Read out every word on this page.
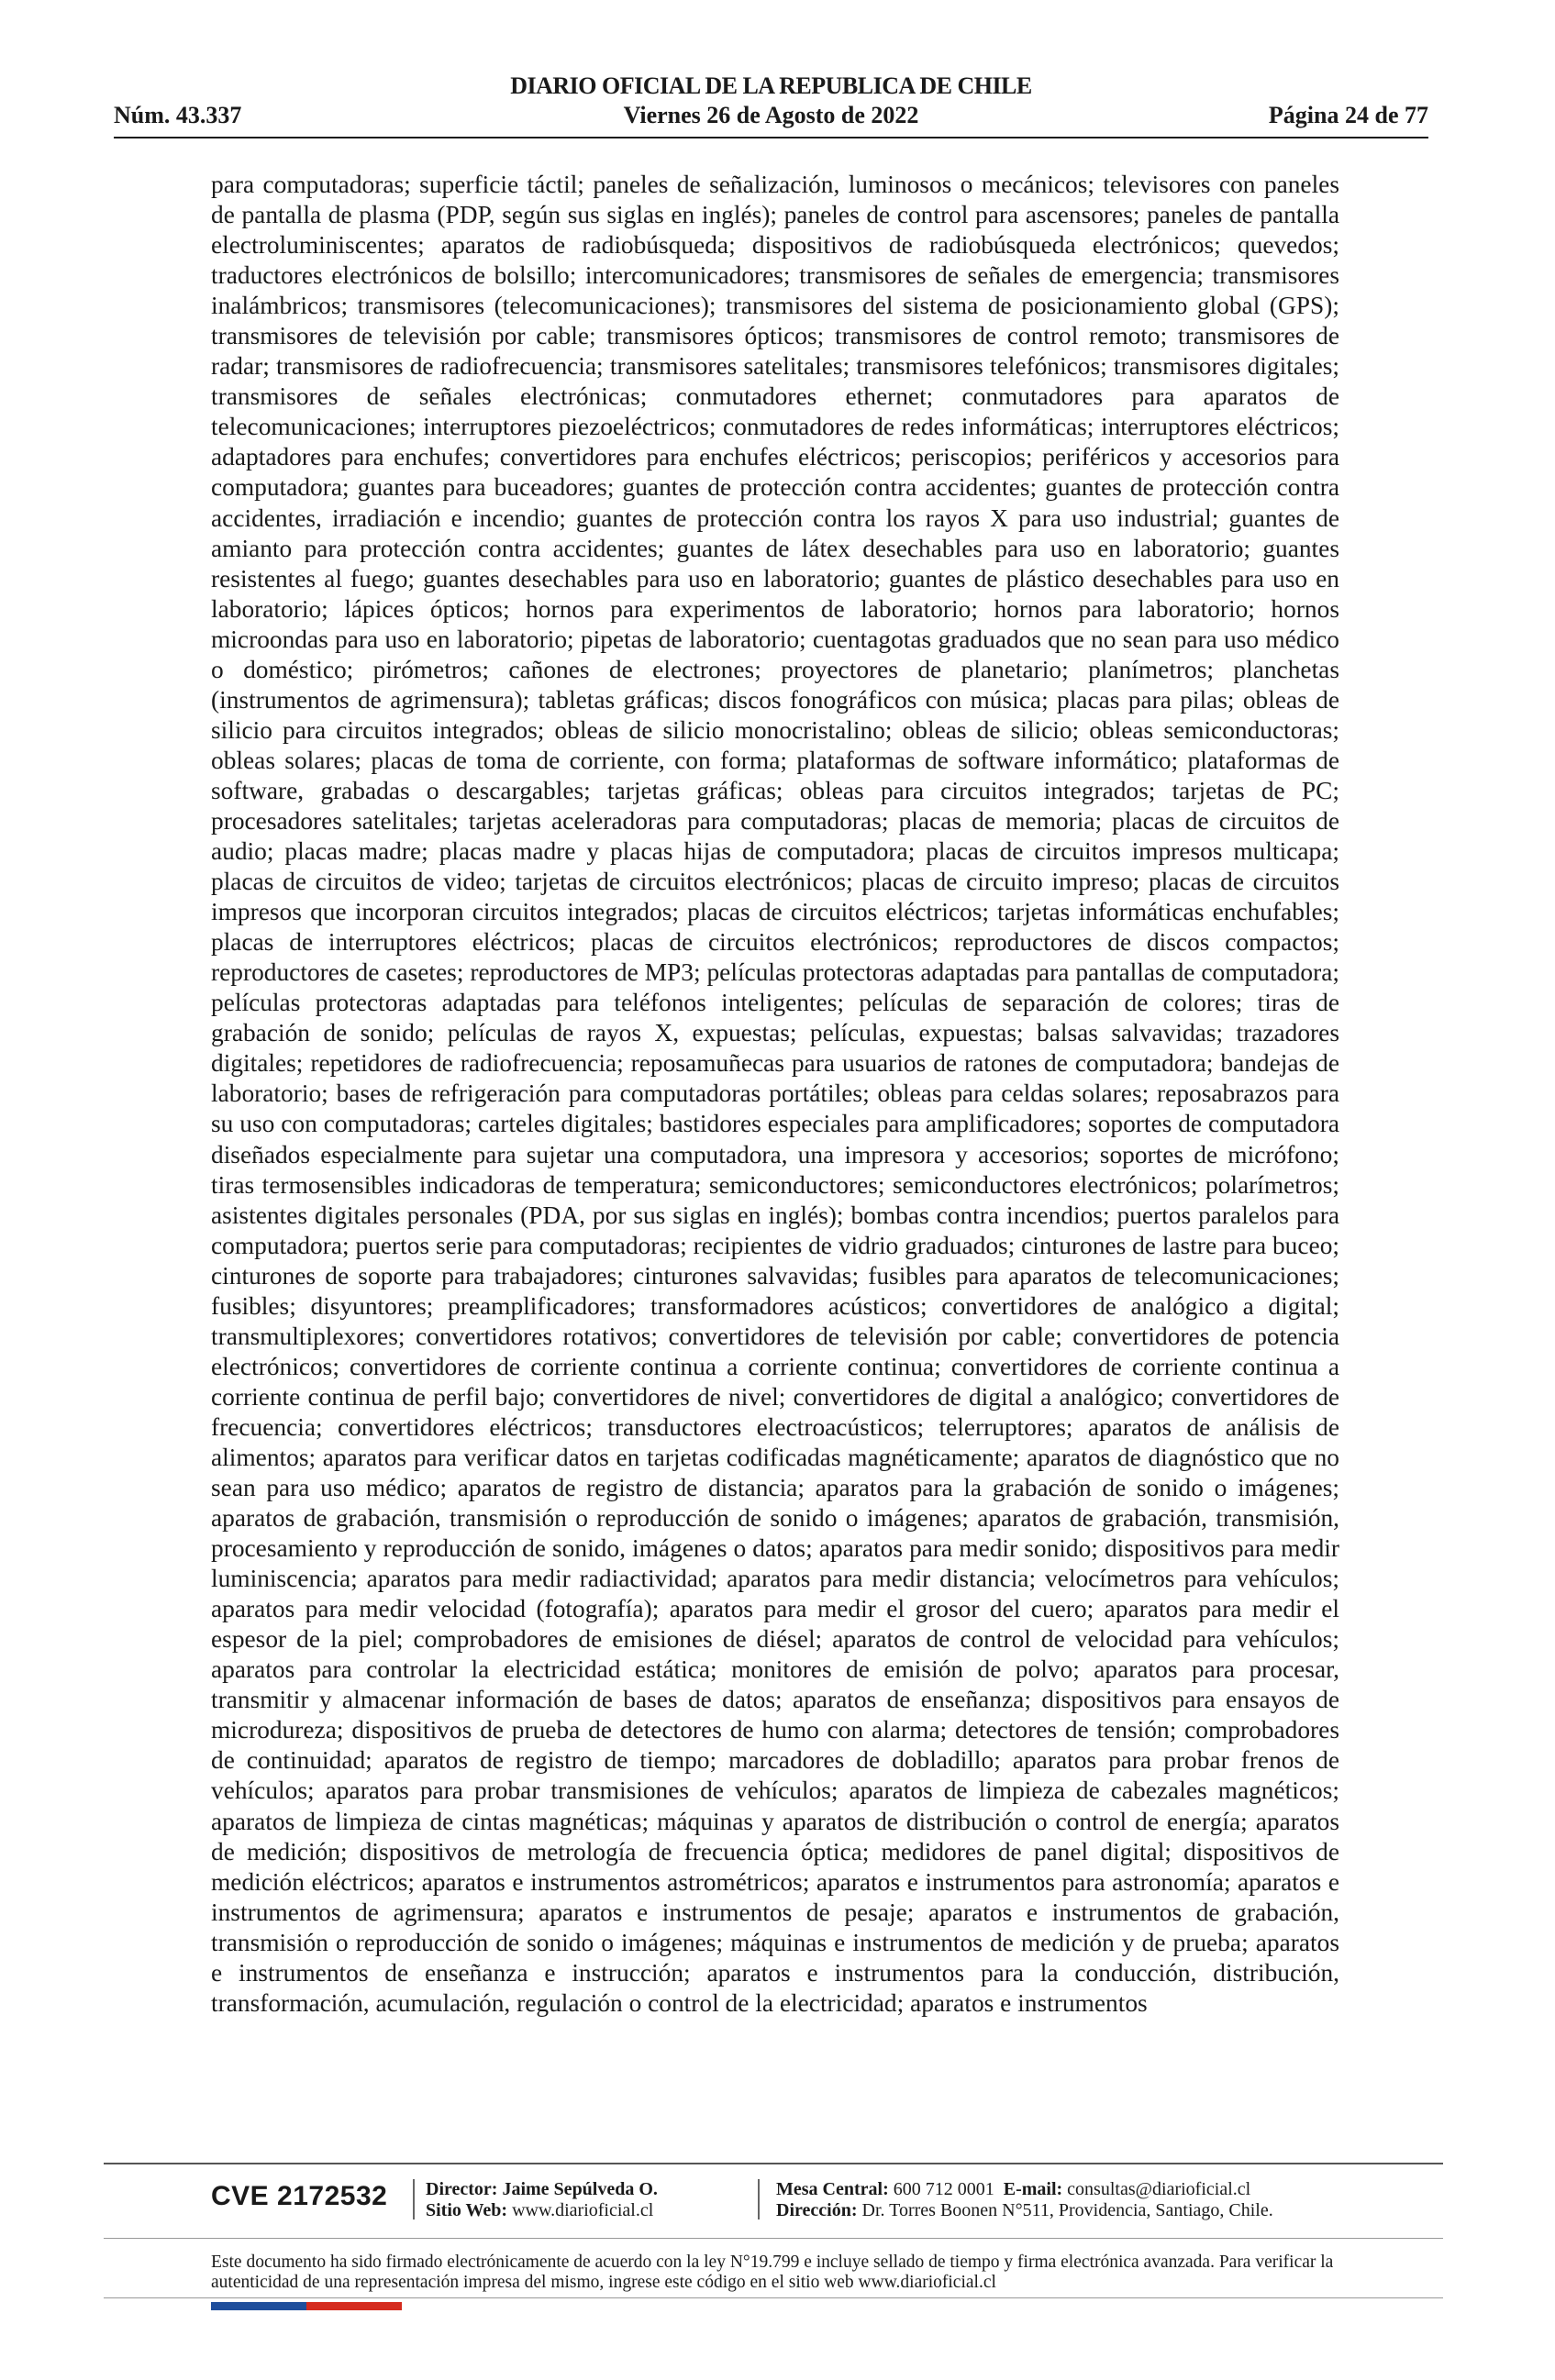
DIARIO OFICIAL DE LA REPUBLICA DE CHILE
Núm. 43.337	Viernes 26 de Agosto de 2022	Página 24 de 77

para computadoras; superficie táctil; paneles de señalización, luminosos o mecánicos; televisores con paneles de pantalla de plasma (PDP, según sus siglas en inglés); paneles de control para ascensores; paneles de pantalla electroluminiscentes; aparatos de radiobúsqueda; dispositivos de radiobúsqueda electrónicos; quevedos; traductores electrónicos de bolsillo; intercomunicadores; transmisores de señales de emergencia; transmisores inalámbricos; transmisores (telecomunicaciones); transmisores del sistema de posicionamiento global (GPS); transmisores de televisión por cable; transmisores ópticos; transmisores de control remoto; transmisores de radar; transmisores de radiofrecuencia; transmisores satelitales; transmisores telefónicos; transmisores digitales; transmisores de señales electrónicas; conmutadores ethernet; conmutadores para aparatos de telecomunicaciones; interruptores piezoeléctricos; conmutadores de redes informáticas; interruptores eléctricos; adaptadores para enchufes; convertidores para enchufes eléctricos; periscopios; periféricos y accesorios para computadora; guantes para buceadores; guantes de protección contra accidentes; guantes de protección contra accidentes, irradiación e incendio; guantes de protección contra los rayos X para uso industrial; guantes de amianto para protección contra accidentes; guantes de látex desechables para uso en laboratorio; guantes resistentes al fuego; guantes desechables para uso en laboratorio; guantes de plástico desechables para uso en laboratorio; lápices ópticos; hornos para experimentos de laboratorio; hornos para laboratorio; hornos microondas para uso en laboratorio; pipetas de laboratorio; cuentagotas graduados que no sean para uso médico o doméstico; pirómetros; cañones de electrones; proyectores de planetario; planímetros; planchetas (instrumentos de agrimensura); tabletas gráficas; discos fonográficos con música; placas para pilas; obleas de silicio para circuitos integrados; obleas de silicio monocristalino; obleas de silicio; obleas semiconductoras; obleas solares; placas de toma de corriente, con forma; plataformas de software informático; plataformas de software, grabadas o descargables; tarjetas gráficas; obleas para circuitos integrados; tarjetas de PC; procesadores satelitales; tarjetas aceleradoras para computadoras; placas de memoria; placas de circuitos de audio; placas madre; placas madre y placas hijas de computadora; placas de circuitos impresos multicapa; placas de circuitos de video; tarjetas de circuitos electrónicos; placas de circuito impreso; placas de circuitos impresos que incorporan circuitos integrados; placas de circuitos eléctricos; tarjetas informáticas enchufables; placas de interruptores eléctricos; placas de circuitos electrónicos; reproductores de discos compactos; reproductores de casetes; reproductores de MP3; películas protectoras adaptadas para pantallas de computadora; películas protectoras adaptadas para teléfonos inteligentes; películas de separación de colores; tiras de grabación de sonido; películas de rayos X, expuestas; películas, expuestas; balsas salvavidas; trazadores digitales; repetidores de radiofrecuencia; reposamuñecas para usuarios de ratones de computadora; bandejas de laboratorio; bases de refrigeración para computadoras portátiles; obleas para celdas solares; reposabrazos para su uso con computadoras; carteles digitales; bastidores especiales para amplificadores; soportes de computadora diseñados especialmente para sujetar una computadora, una impresora y accesorios; soportes de micrófono; tiras termosensibles indicadoras de temperatura; semiconductores; semiconductores electrónicos; polarímetros; asistentes digitales personales (PDA, por sus siglas en inglés); bombas contra incendios; puertos paralelos para computadora; puertos serie para computadoras; recipientes de vidrio graduados; cinturones de lastre para buceo; cinturones de soporte para trabajadores; cinturones salvavidas; fusibles para aparatos de telecomunicaciones; fusibles; disyuntores; preamplificadores; transformadores acústicos; convertidores de analógico a digital; transmultiplexores; convertidores rotativos; convertidores de televisión por cable; convertidores de potencia electrónicos; convertidores de corriente continua a corriente continua; convertidores de corriente continua a corriente continua de perfil bajo; convertidores de nivel; convertidores de digital a analógico; convertidores de frecuencia; convertidores eléctricos; transductores electroacústicos; telerruptores; aparatos de análisis de alimentos; aparatos para verificar datos en tarjetas codificadas magnéticamente; aparatos de diagnóstico que no sean para uso médico; aparatos de registro de distancia; aparatos para la grabación de sonido o imágenes; aparatos de grabación, transmisión o reproducción de sonido o imágenes; aparatos de grabación, transmisión, procesamiento y reproducción de sonido, imágenes o datos; aparatos para medir sonido; dispositivos para medir luminiscencia; aparatos para medir radiactividad; aparatos para medir distancia; velocímetros para vehículos; aparatos para medir velocidad (fotografía); aparatos para medir el grosor del cuero; aparatos para medir el espesor de la piel; comprobadores de emisiones de diésel; aparatos de control de velocidad para vehículos; aparatos para controlar la electricidad estática; monitores de emisión de polvo; aparatos para procesar, transmitir y almacenar información de bases de datos; aparatos de enseñanza; dispositivos para ensayos de microdureza; dispositivos de prueba de detectores de humo con alarma; detectores de tensión; comprobadores de continuidad; aparatos de registro de tiempo; marcadores de dobladillo; aparatos para probar frenos de vehículos; aparatos para probar transmisiones de vehículos; aparatos de limpieza de cabezales magnéticos; aparatos de limpieza de cintas magnéticas; máquinas y aparatos de distribución o control de energía; aparatos de medición; dispositivos de metrología de frecuencia óptica; medidores de panel digital; dispositivos de medición eléctricos; aparatos e instrumentos astrométricos; aparatos e instrumentos para astronomía; aparatos e instrumentos de agrimensura; aparatos e instrumentos de pesaje; aparatos e instrumentos de grabación, transmisión o reproducción de sonido o imágenes; máquinas e instrumentos de medición y de prueba; aparatos e instrumentos de enseñanza e instrucción; aparatos e instrumentos para la conducción, distribución, transformación, acumulación, regulación o control de la electricidad; aparatos e instrumentos

CVE 2172532	Director: Jaime Sepúlveda O.
Sitio Web: www.diarioficial.cl
Mesa Central: 600 712 0001 E-mail: consultas@diarioficial.cl
Dirección: Dr. Torres Boonen N°511, Providencia, Santiago, Chile.
Este documento ha sido firmado electrónicamente de acuerdo con la ley N°19.799 e incluye sellado de tiempo y firma electrónica avanzada. Para verificar la autenticidad de una representación impresa del mismo, ingrese este código en el sitio web www.diarioficial.cl
